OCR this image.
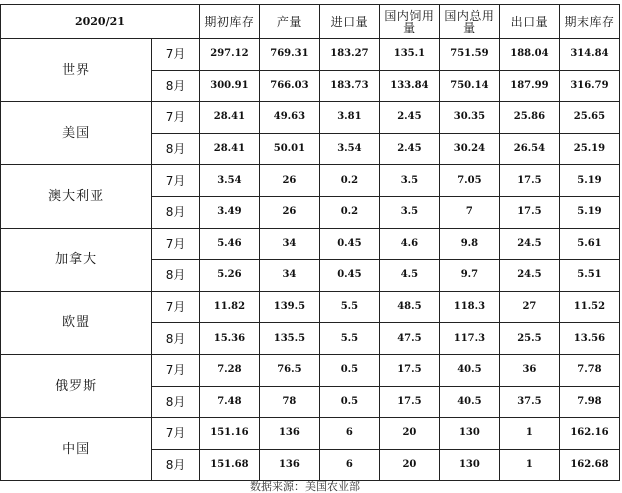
2020/21		期初库存	产量	进口量	国内饲用量	国内总用量	出口量	期末库存
世界	7月	297.12	769.31	183.27	135.1	751.59	188.04	314.84
	8月	300.91	766.03	183.73	133.84	750.14	187.99	316.79
美国	7月	28.41	49.63	3.81	2.45	30.35	25.86	25.65
	8月	28.41	50.01	3.54	2.45	30.24	26.54	25.19
澳大利亚	7月	3.54	26	0.2	3.5	7.05	17.5	5.19
	8月	3.49	26	0.2	3.5	7	17.5	5.19
加拿大	7月	5.46	34	0.45	4.6	9.8	24.5	5.61
	8月	5.26	34	0.45	4.5	9.7	24.5	5.51
欧盟	7月	11.82	139.5	5.5	48.5	118.3	27	11.52
	8月	15.36	135.5	5.5	47.5	117.3	25.5	13.56
俄罗斯	7月	7.28	76.5	0.5	17.5	40.5	36	7.78
	8月	7.48	78	0.5	17.5	40.5	37.5	7.98
中国	7月	151.16	136	6	20	130	1	162.16
	8月	151.68	136	6	20	130	1	162.68
数据来源：美国农业部
